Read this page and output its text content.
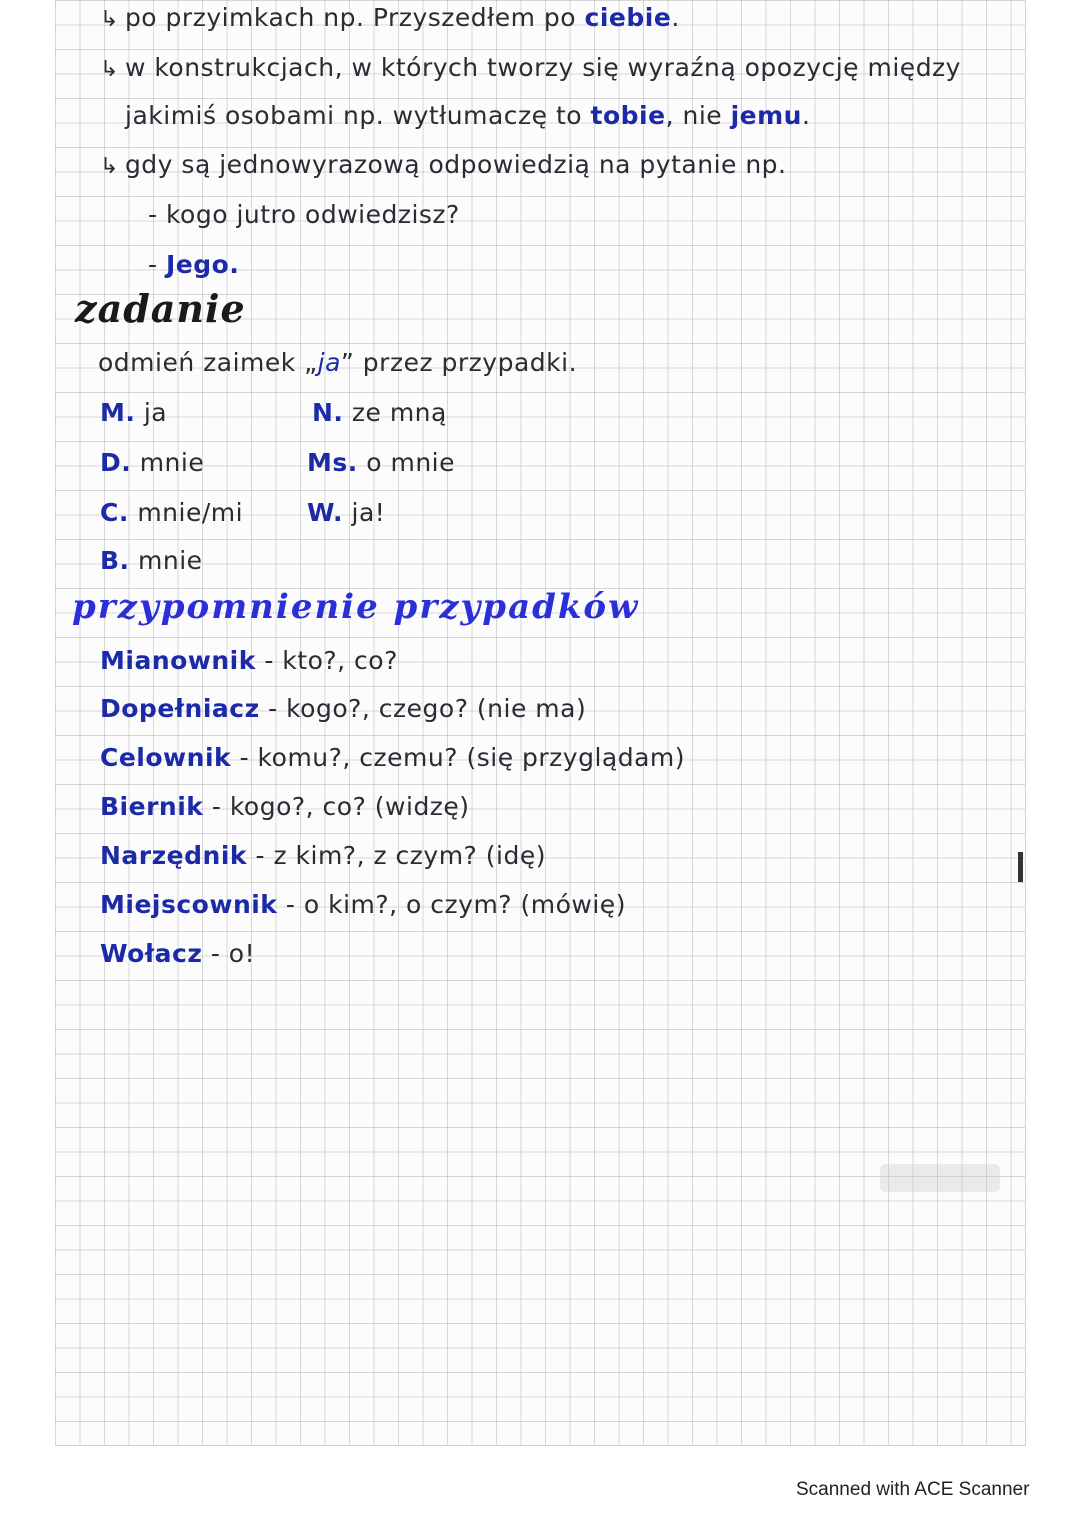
↳ po przyimkach np. Przyszedłem po ciebie.
↳ w konstrukcjach, w których tworzy się wyraźną opozycję między
jakimiś osobami np. wytłumaczę to tobie, nie jemu.
↳ gdy są jednowyrazową odpowiedzią na pytanie np.
- kogo jutro odwiedzisz?
- Jego.
zadanie
odmień zaimek „ja” przez przypadki.
M. ja
D. mnie
C. mnie/mi
B. mnie
N. ze mną
Ms. o mnie
W. ja!
przypomnienie przypadków
Mianownik - kto?, co?
Dopełniacz - kogo?, czego? (nie ma)
Celownik - komu?, czemu? (się przyglądam)
Biernik - kogo?, co? (widzę)
Narzędnik - z kim?, z czym? (idę)
Miejscownik - o kim?, o czym? (mówię)
Wołacz - o!
Scanned with ACE Scanner
